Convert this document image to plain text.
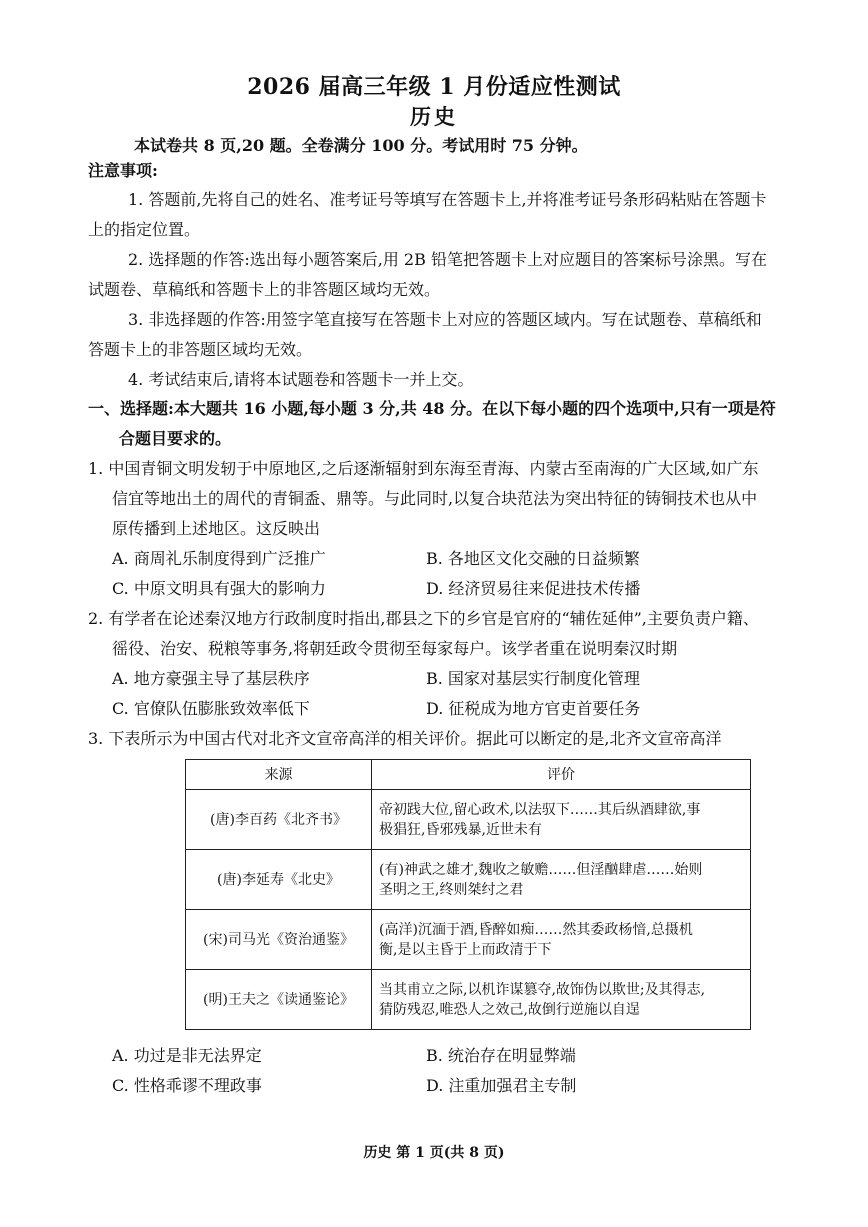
2026 届高三年级 1 月份适应性测试
历史
本试卷共 8 页,20 题。全卷满分 100 分。考试用时 75 分钟。
注意事项:
1. 答题前,先将自己的姓名、准考证号等填写在答题卡上,并将准考证号条形码粘贴在答题卡
上的指定位置。
2. 选择题的作答:选出每小题答案后,用 2B 铅笔把答题卡上对应题目的答案标号涂黑。写在
试题卷、草稿纸和答题卡上的非答题区域均无效。
3. 非选择题的作答:用签字笔直接写在答题卡上对应的答题区域内。写在试题卷、草稿纸和
答题卡上的非答题区域均无效。
4. 考试结束后,请将本试题卷和答题卡一并上交。
一、选择题:本大题共 16 小题,每小题 3 分,共 48 分。在以下每小题的四个选项中,只有一项是符
合题目要求的。
1. 中国青铜文明发轫于中原地区,之后逐渐辐射到东海至青海、内蒙古至南海的广大区域,如广东
信宜等地出土的周代的青铜盉、鼎等。与此同时,以复合块范法为突出特征的铸铜技术也从中
原传播到上述地区。这反映出
A. 商周礼乐制度得到广泛推广	B. 各地区文化交融的日益频繁
C. 中原文明具有强大的影响力	D. 经济贸易往来促进技术传播
2. 有学者在论述秦汉地方行政制度时指出,郡县之下的乡官是官府的“辅佐延伸”,主要负责户籍、
徭役、治安、税粮等事务,将朝廷政令贯彻至每家每户。该学者重在说明秦汉时期
A. 地方豪强主导了基层秩序	B. 国家对基层实行制度化管理
C. 官僚队伍膨胀致效率低下	D. 征税成为地方官吏首要任务
3. 下表所示为中国古代对北齐文宣帝高洋的相关评价。据此可以断定的是,北齐文宣帝高洋
来源	评价
(唐)李百药《北齐书》	帝初践大位,留心政术,以法驭下……其后纵酒肆欲,事
极猖狂,昏邪残暴,近世未有

(唐)李延寿《北史》	(有)神武之雄才,魏收之敏赡……但淫酗肆虐……始则
圣明之王,终则桀纣之君

(宋)司马光《资治通鉴》	(高洋)沉湎于酒,昏醉如痴……然其委政杨愔,总摄机
衡,是以主昏于上而政清于下

(明)王夫之《读通鉴论》	当其甫立之际,以机诈谋篡夺,故饰伪以欺世;及其得志,
猜防残忍,唯恐人之效己,故倒行逆施以自逞
A. 功过是非无法界定	B. 统治存在明显弊端
C. 性格乖谬不理政事	D. 注重加强君主专制
历史 第 1 页(共 8 页)
